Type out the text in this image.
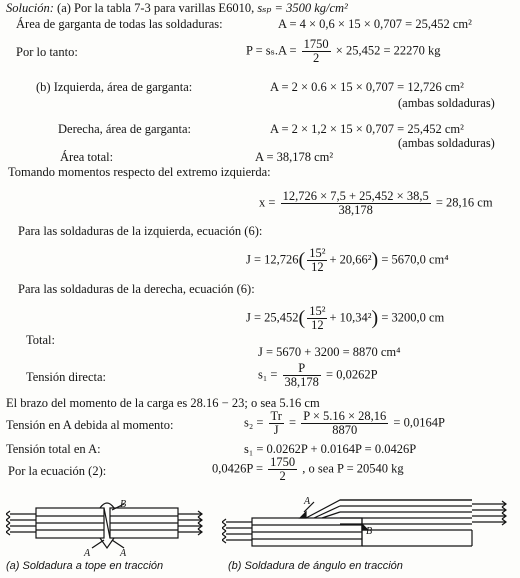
Solución: (a) Por la tabla 7-3 para varillas E6010, sₛₚ = 3500 kg/cm²
Área de garganta de todas las soldaduras:	A = 4 × 0,6 × 15 × 0,707 = 25,452 cm²
Por lo tanto:	$P = s_s.A = \frac{1750}{2} \times 25,452 = 22270$ kg
(b) Izquierda, área de garganta:	A = 2 × 0.6 × 15 × 0,707 = 12,726 cm²
(ambas soldaduras)
Derecha, área de garganta:	A = 2 × 1,2 × 15 × 0,707 = 25,452 cm²
(ambas soldaduras)
Área total:	A = 38,178 cm²
Tomando momentos respecto del extremo izquierda:
$x = \frac{12,726 \times 7,5 + 25,452 \times 38,5}{38,178} = 28,16$ cm
Para las soldaduras de la izquierda, ecuación (6):
$J = 12,726( \frac{\text{15²}}{12} + 20,66^2) = 5670,0$ cm⁴
Para las soldaduras de la derecha, ecuación (6):
$J = 25,452( \frac{\text{15²}}{12} + 10,34^2) = 3200,0$ cm
Total:
J = 5670 + 3200 = 8870 cm⁴
Tensión directa:	$s_1 = \frac{P}{38,178} = 0,0262P$
El brazo del momento de la carga es 28.16 − 23; o sea 5.16 cm
Tensión en A debida al momento:	$s_2 = \frac{Tr}{J} = \frac{P \times 5.16 \times 28,16}{8870} = 0,0164P$
Tensión total en A:	s₁ = 0.0262P + 0.0164P = 0.0426P
Por la ecuación (2):	$0,0426P = \frac{1750}{2}$ , o sea P = 20540 kg
B
A	A
A
B
(a) Soldadura a tope en tracción	(b) Soldadura de ángulo en tracción
